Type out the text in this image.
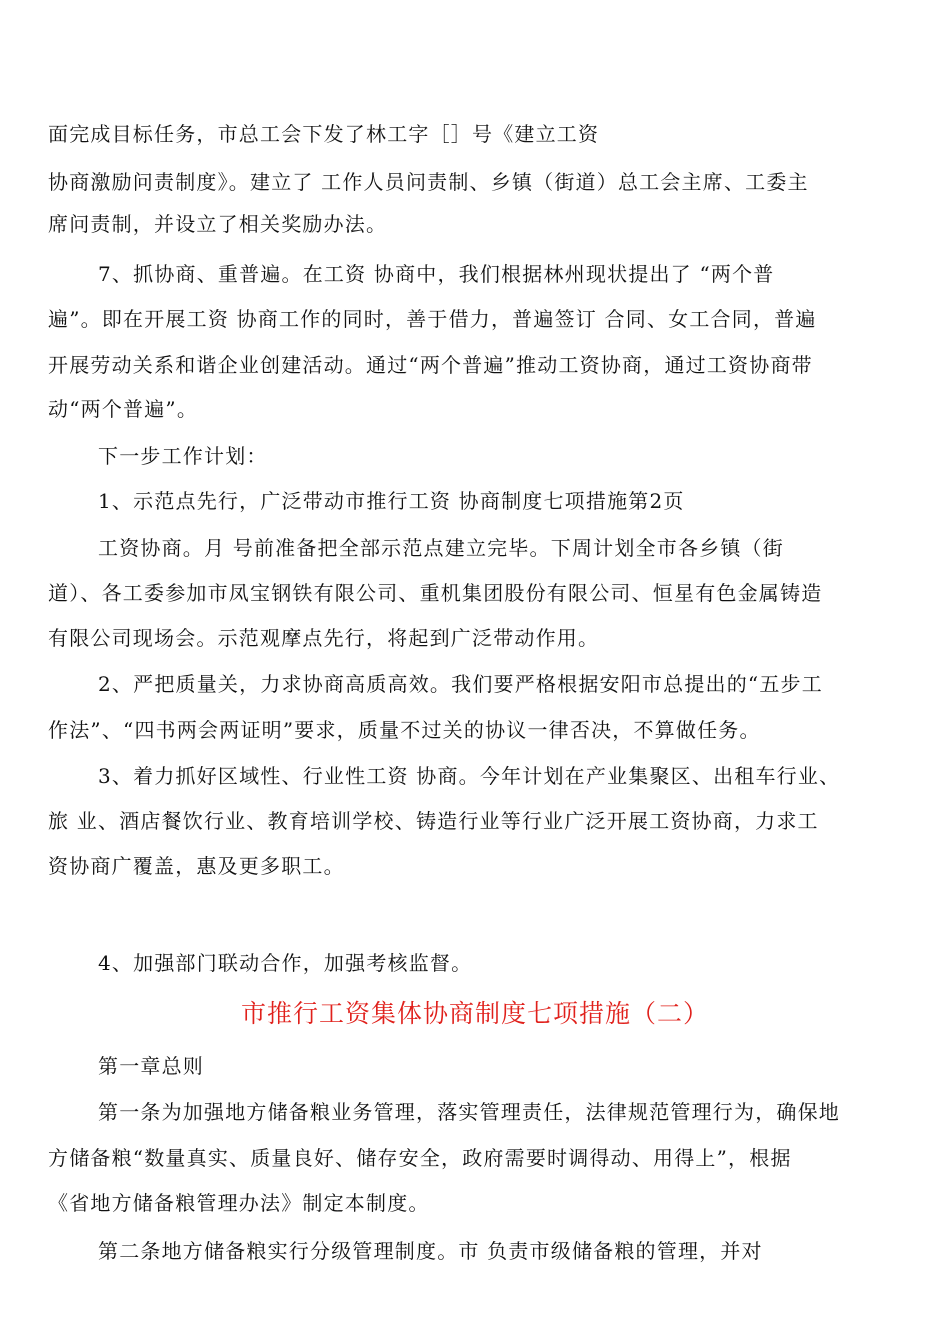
面完成目标任务，市总工会下发了林工字［］号《建立工资
协商激励问责制度》。建立了 工作人员问责制、乡镇（街道）总工会主席、工委主
席问责制，并设立了相关奖励办法。
7、抓协商、重普遍。在工资 协商中，我们根据林州现状提出了 “两个普
遍”。即在开展工资 协商工作的同时，善于借力，普遍签订 合同、女工合同，普遍
开展劳动关系和谐企业创建活动。通过“两个普遍”推动工资协商，通过工资协商带
动“两个普遍”。
下一步工作计划：
1、示范点先行，广泛带动市推行工资 协商制度七项措施第2页
工资协商。月 号前准备把全部示范点建立完毕。下周计划全市各乡镇（街
道）、各工委参加市凤宝钢铁有限公司、重机集团股份有限公司、恒星有色金属铸造
有限公司现场会。示范观摩点先行，将起到广泛带动作用。
2、严把质量关，力求协商高质高效。我们要严格根据安阳市总提出的“五步工
作法”、“四书两会两证明”要求，质量不过关的协议一律否决，不算做任务。
3、着力抓好区域性、行业性工资 协商。今年计划在产业集聚区、出租车行业、
旅 业、酒店餐饮行业、教育培训学校、铸造行业等行业广泛开展工资协商，力求工
资协商广覆盖，惠及更多职工。
4、加强部门联动合作，加强考核监督。
市推行工资集体协商制度七项措施（二）
第一章总则
第一条为加强地方储备粮业务管理，落实管理责任，法律规范管理行为，确保地
方储备粮“数量真实、质量良好、储存安全，政府需要时调得动、用得上”，根据
《省地方储备粮管理办法》制定本制度。
第二条地方储备粮实行分级管理制度。市 负责市级储备粮的管理，并对
